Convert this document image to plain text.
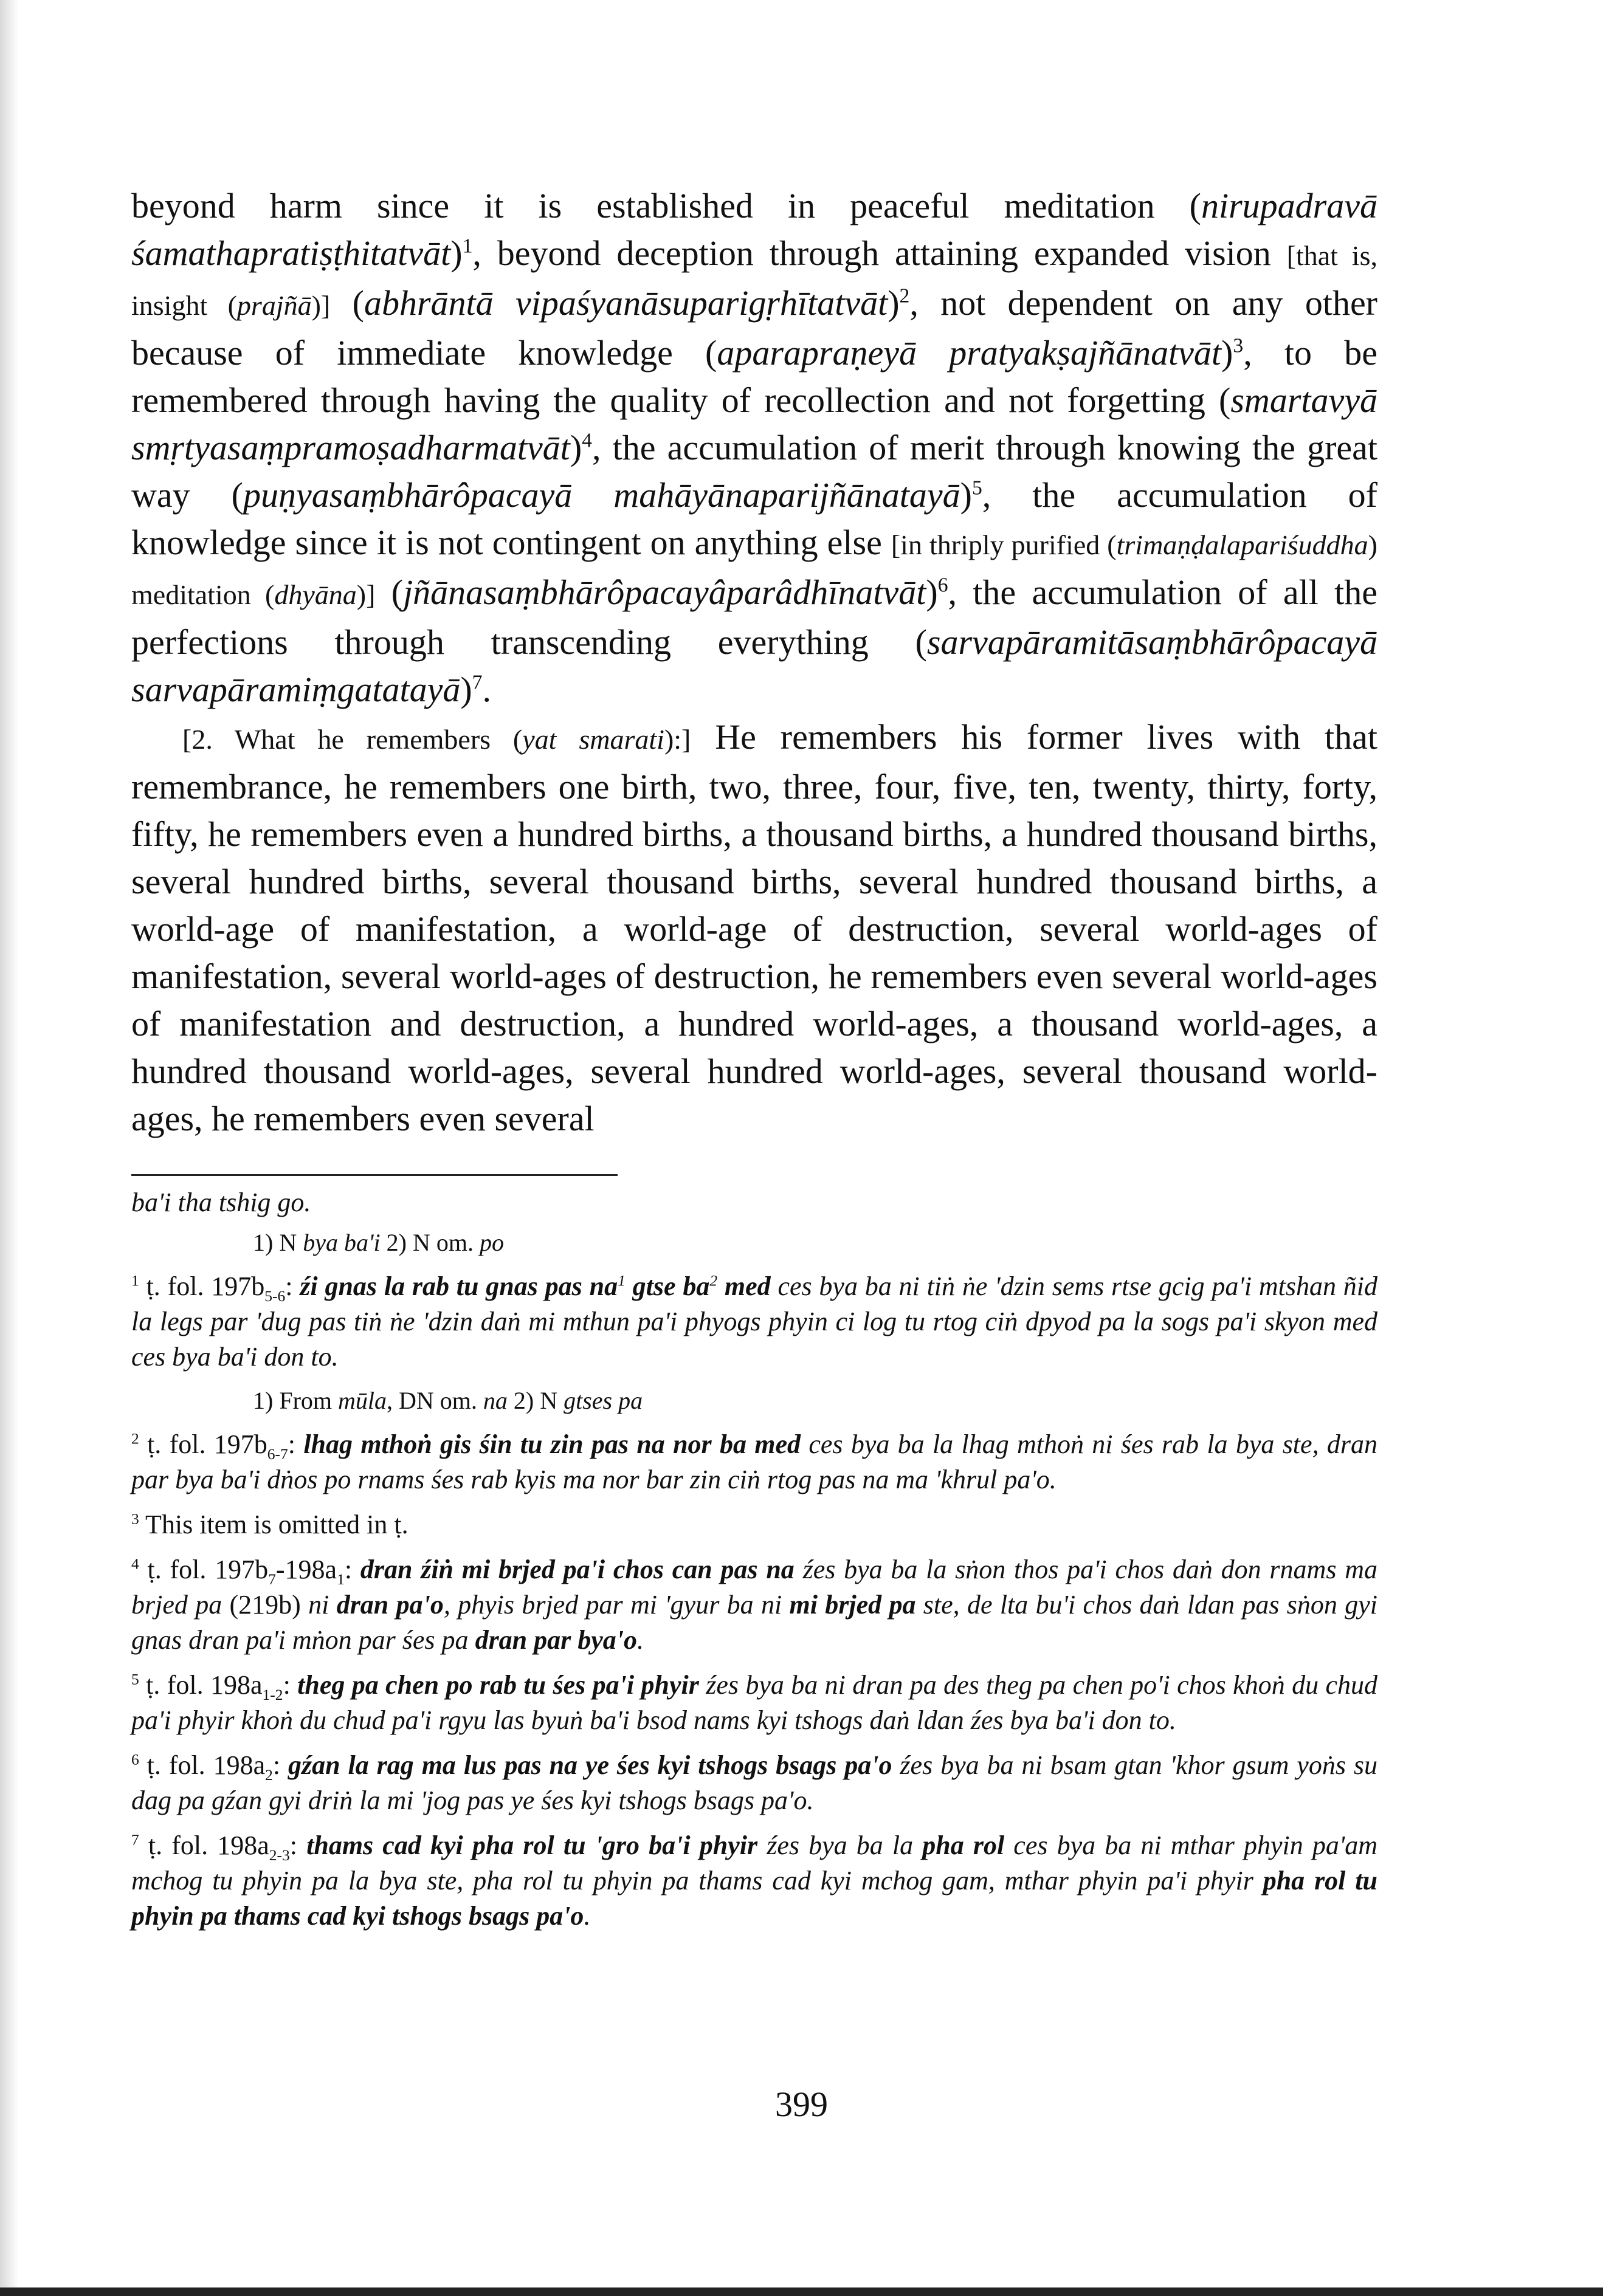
beyond harm since it is established in peaceful meditation (nirupadravā śamathapratiṣṭhitatvāt)$^1$, beyond deception through attaining expanded vision [that is, insight (prajñā)] (abhrāntā vipaśyanāsuparigṛhītatvāt)$^2$, not dependent on any other because of immediate knowledge (aparapraṇeyā pratyakṣajñānatvāt)$^3$, to be remembered through having the quality of recollection and not forgetting (smartavyā smṛtyasaṃpramoṣadharmatvāt)$^4$, the accumulation of merit through knowing the great way (puṇyasaṃbhārôpacayā mahāyānaparijñānatayā)$^5$, the accumulation of knowledge since it is not contingent on anything else [in thriply purified (trimaṇḍalapariśuddha) meditation (dhyāna)] (jñānasaṃbhārôpacayâparâdhīnatvāt)$^6$, the accumulation of all the perfections through transcending everything (sarvapāramitāsaṃbhārôpacayā sarvapāramiṃgatatayā)$^7$.

[2. What he remembers (yat smarati):] He remembers his former lives with that remembrance, he remembers one birth, two, three, four, five, ten, twenty, thirty, forty, fifty, he remembers even a hundred births, a thousand births, a hundred thousand births, several hundred births, several thousand births, several hundred thousand births, a world-age of manifestation, a world-age of destruction, several world-ages of manifestation, several world-ages of destruction, he remembers even several world-ages of manifestation and destruction, a hundred world-ages, a thousand world-ages, a hundred thousand world-ages, several hundred world-ages, several thousand world-ages, he remembers even several

ba'i tha tshig go.

1) N bya ba'i 2) N om. po

$^1$ ṭ. fol. $197b_{5-6}$: źi gnas la rab tu gnas pas $na^1$ gtse $ba^2$ med ces bya ba ni tiṅ ṅe 'dzin sems rtse gcig pa'i mtshan ñid la legs par 'dug pas tiṅ ṅe 'dzin daṅ mi mthun pa'i phyogs phyin ci log tu rtog ciṅ dpyod pa la sogs pa'i skyon med ces bya ba'i don to.

1) From mūla, DN om. na 2) N gtses pa

$^2$ ṭ. fol. $197b_{6-7}$: lhag mthoṅ gis śin tu zin pas na nor ba med ces bya ba la lhag mthoṅ ni śes rab la bya ste, dran par bya ba'i dṅos po rnams śes rab kyis ma nor bar zin ciṅ rtog pas na ma 'khrul pa'o.

$^3$ This item is omitted in ṭ.

$^4$ ṭ. fol. $197b_7-198a_1$: dran źiṅ mi brjed pa'i chos can pas na źes bya ba la sṅon thos pa'i chos daṅ don rnams ma brjed pa (219b) ni dran pa'o, phyis brjed par mi 'gyur ba ni mi brjed pa ste, de lta bu'i chos daṅ ldan pas sṅon gyi gnas dran pa'i mṅon par śes pa dran par bya'o.

$^5$ ṭ. fol. $198a_{1-2}$: theg pa chen po rab tu śes pa'i phyir źes bya ba ni dran pa des theg pa chen po'i chos khoṅ du chud pa'i phyir khoṅ du chud pa'i rgyu las byuṅ ba'i bsod nams kyi tshogs daṅ ldan źes bya ba'i don to.

$^6$ ṭ. fol. $198a_2$: gźan la rag ma lus pas na ye śes kyi tshogs bsags pa'o źes bya ba ni bsam gtan 'khor gsum yoṅs su dag pa gźan gyi driṅ la mi 'jog pas ye śes kyi tshogs bsags pa'o.

$^7$ ṭ. fol. $198a_{2-3}$: thams cad kyi pha rol tu 'gro ba'i phyir źes bya ba la pha rol ces bya ba ni mthar phyin pa'am mchog tu phyin pa la bya ste, pha rol tu phyin pa thams cad kyi mchog gam, mthar phyin pa'i phyir pha rol tu phyin pa thams cad kyi tshogs bsags pa'o.

399
